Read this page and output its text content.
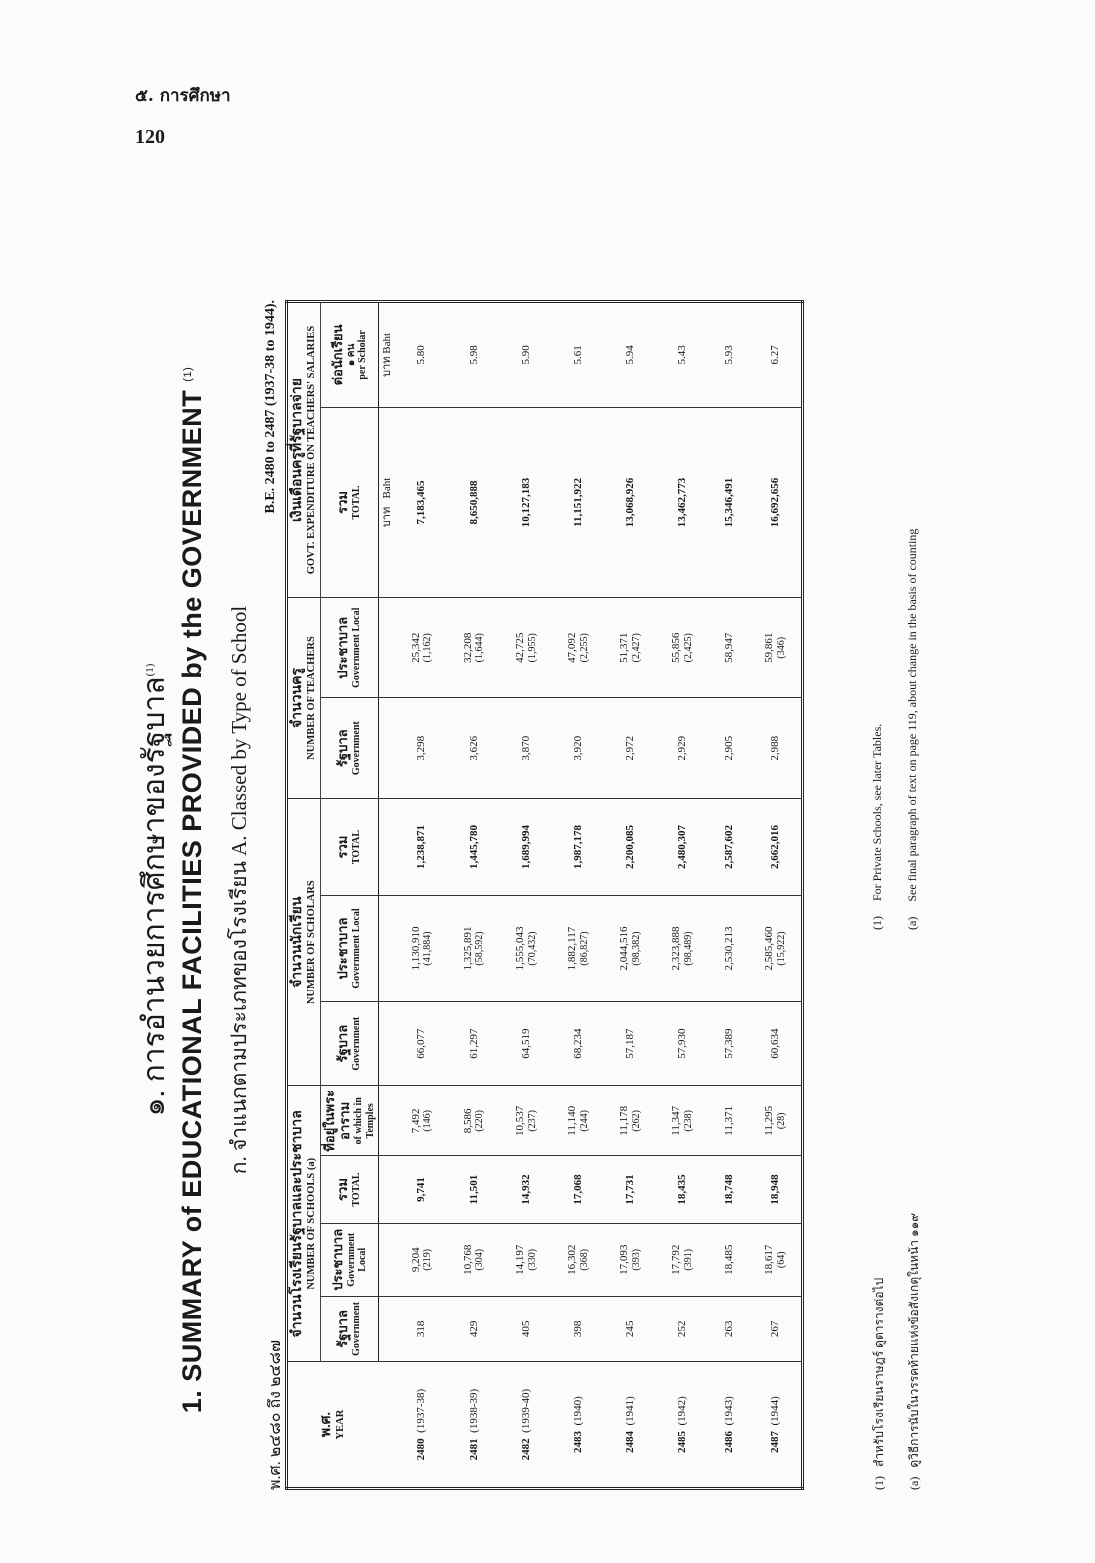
๕. การศึกษา
120
๑. การอำนวยการศึกษาของรัฐบาล$^{(1)}$ 1. SUMMARY of EDUCATIONAL FACILITIES PROVIDED by the GOVERNMENT $^{(1)}$
ก. จำแนกตามประเภทของโรงเรียน A. Classed by Type of School
พ.ศ. ๒๔๘๐ ถึง ๒๔๘๗
B.E. 2480 to 2487 (1937-38 to 1944).
พ.ศ. YEAR	จำนวนโรงเรียนรัฐบาลและประชาบาล NUMBER OF SCHOOLS (a)				จำนวนนักเรียน NUMBER OF SCHOLARS			จำนวนครู NUMBER OF TEACHERS		เงินเดือนครูที่รัฐบาลจ่าย GOVT. EXPENDITURE ON TEACHERS' SALARIES	

	รัฐบาล Government	ประชาบาล Government Local	รวม TOTAL	ที่อยู่ในพระอาราม of which in Temples	รัฐบาล Government	ประชาบาล Government Local	รวม TOTAL	รัฐบาล Government	ประชาบาล Government Local	รวม TOTAL	ต่อนักเรียน ๑ คน per Scholar

										บาท   Baht	บาท Baht
2480  (1937-38)	318	9,204 (219)	9,741	7,492 (146)	66,077	1,130,910 (41,884)	1,238,871	3,298	25,342 (1,162)	7,183,465	5.80
2481  (1938-39)	429	10,768 (304)	11,501	8,586 (220)	61,297	1,325,891 (58,592)	1,445,780	3,626	32,208 (1,644)	8,650,888	5.98
2482  (1939-40)	405	14,197 (330)	14,932	10,537 (237)	64,519	1,555,043 (70,432)	1,689,994	3,870	42,725 (1,955)	10,127,183	5.90
2483  (1940)	398	16,302 (368)	17,068	11,140 (244)	68,234	1,882,117 (86,827)	1,987,178	3,920	47,092 (2,255)	11,151,922	5.61
2484  (1941)	245	17,093 (393)	17,731	11,178 (262)	57,187	2,044,516 (98,382)	2,200,085	2,972	51,371 (2,427)	13,068,926	5.94
2485  (1942)	252	17,792 (391)	18,435	11,347 (238)	57,930	2,323,888 (98,489)	2,480,307	2,929	55,856 (2,425)	13,462,773	5.43
2486  (1943)	263	18,485	18,748	11,371	57,389	2,530,213	2,587,602	2,905	58,947	15,346,491	5.93
2487  (1944)	267	18,617 (64)	18,948	11,295 (28)	60,634	2,585,460 (15,922)	2,662,016	2,988	59,861 (346)	16,692,656	6.27
(1)   สำหรับโรงเรียนราษฎร์ ดูตารางต่อไป
(a)   ดูวิธีการนับในวรรคท้ายแห่งข้อสังเกตุในหน้า ๑๑๙
(1)     For Private Schools, see later Tables.
(a)     See final paragraph of text on page 119, about change in the basis of counting
